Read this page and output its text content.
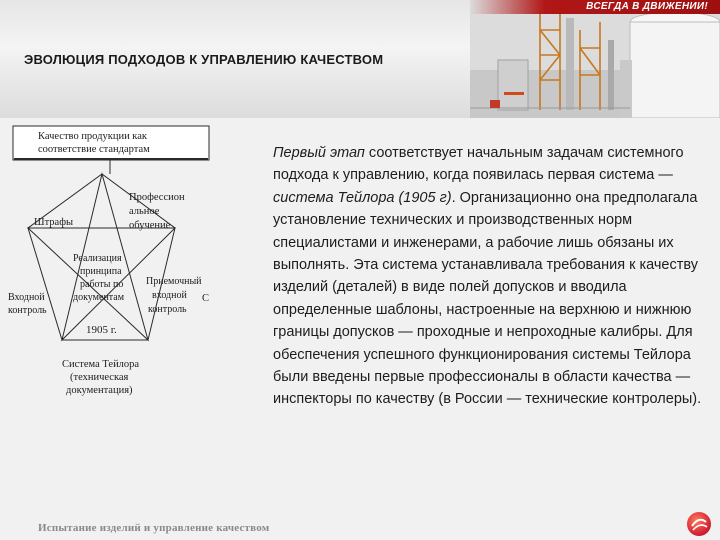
ВСЕГДА В ДВИЖЕНИИ!
ЭВОЛЮЦИЯ ПОДХОДОВ К УПРАВЛЕНИЮ КАЧЕСТВОМ
Качество продукции как
соответствие стандартам
Штрафы
Профессион
альное
обучение
Реализация
принципа
работы по
документам
Входной
контроль
Приемочный
входной
контроль
С
1905 г.
Система Тейлора
(техническая
документация)

Первый этап соответствует начальным задачам системного подхода к управлению, когда появилась первая система — система Тейлора (1905 г). Организационно она предполагала установление технических и производственных норм специалистами и инженерами, а рабочие лишь обязаны их выполнять. Эта система устанавливала требования к качеству изделий (деталей) в виде полей допусков и вводила определенные шаблоны, настроенные на верхнюю и нижнюю границы допусков — проходные и непроходные калибры. Для обеспечения успешного функционирования системы Тейлора были введены первые профессионалы в области качества — инспекторы по качеству (в России — технические контролеры).

Испытание изделий и управление качеством
